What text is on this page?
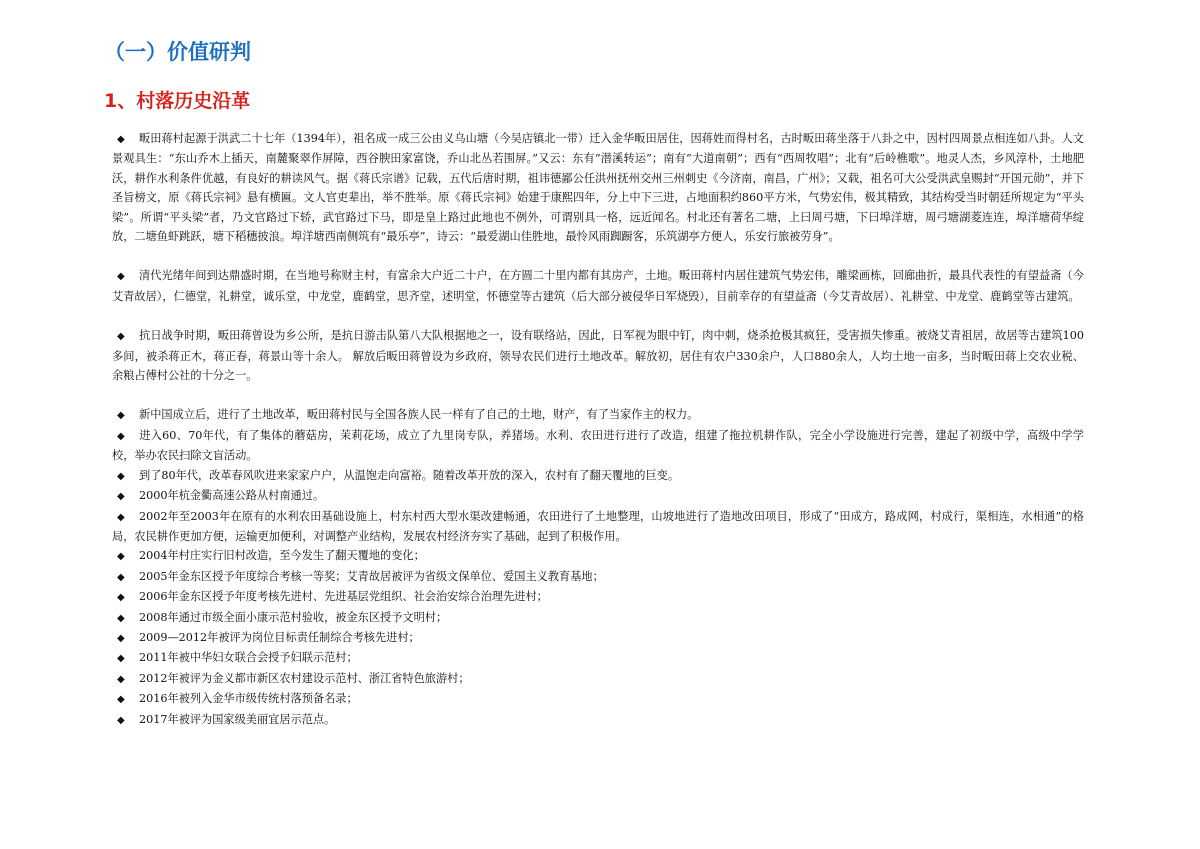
（一）价值研判
1、村落历史沿革

◆ 畈田蒋村起源于洪武二十七年（1394年），祖名成一成三公由义乌山塘（今吴店镇北一带）迁入金华畈田居住，因蒋姓而得村名，古时畈田蒋坐落于八卦之中，因村四周景点相连如八卦。人文景观具生：“东山乔木上插天，南麓聚翠作屏障，西谷腴田家富饶，乔山北丛若围屏。”又云：东有“潜溪转运”；南有“大道南朝”；西有“西周牧唱”；北有“后岭樵歌”。地灵人杰，乡风淳朴，土地肥沃，耕作水利条件优越，有良好的耕读风气。据《蒋氏宗谱》记载，五代后唐时期，祖讳德鄙公任洪州抚州交州三州刺史《今济南，南昌，广州》；又载，祖名可大公受洪武皇赐封“开国元勋”，并下圣旨榜文，原《蒋氏宗祠》悬有横匾。文人官吏辈出，举不胜举。原《蒋氏宗祠》始建于康熙四年，分上中下三进，占地面积约860平方米，气势宏伟，极其精致，其结构受当时朝廷所规定为“平头梁”。所谓“平头梁”者，乃文官路过下轿，武官路过下马，即是皇上路过此地也不例外，可谓别具一格，远近闻名。村北还有著名二塘，上曰周弓塘，下曰埠洋塘，周弓塘湖菱连连，埠洋塘荷华绽放，二塘鱼虾跳跃，塘下稻穗披浪。埠洋塘西南侧筑有“最乐亭”，诗云：“最爱湖山佳胜地，最怜风雨踟蹰客，乐筑湖亭方便人，乐安行旅被劳身”。

◆ 清代光绪年间到达鼎盛时期，在当地号称财主村，有富余大户近二十户，在方圆二十里内都有其房产，土地。畈田蒋村内居住建筑气势宏伟，雕梁画栋，回廊曲折，最具代表性的有望益斋（今艾青故居），仁德堂，礼耕堂，诚乐堂，中龙堂，鹿鹤堂，思齐堂，述明堂，怀德堂等古建筑（后大部分被侵华日军烧毁），目前幸存的有望益斋（今艾青故居）、礼耕堂、中龙堂、鹿鹤堂等古建筑。

◆ 抗日战争时期，畈田蒋曾设为乡公所，是抗日游击队第八大队根据地之一，设有联络站，因此，日军视为眼中钉，肉中刺，烧杀抢极其疯狂，受害损失惨重。被烧艾青祖居，故居等古建筑100多间，被杀蒋正木，蒋正春，蒋景山等十余人。 解放后畈田蒋曾设为乡政府，领导农民们进行土地改革。解放初，居住有农户330余户，人口880余人，人均土地一亩多，当时畈田蒋上交农业税、余粮占傅村公社的十分之一。

◆ 新中国成立后，进行了土地改革，畈田蒋村民与全国各族人民一样有了自己的土地，财产，有了当家作主的权力。
◆ 进入60、70年代，有了集体的蘑菇房，茉莉花场，成立了九里岗专队，养猪场。水利、农田进行进行了改造，组建了拖拉机耕作队，完全小学设施进行完善，建起了初级中学，高级中学学校，举办农民扫除文盲活动。
◆ 到了80年代，改革春风吹进来家家户户，从温饱走向富裕。随着改革开放的深入，农村有了翻天覆地的巨变。
◆ 2000年杭金衢高速公路从村南通过。
◆ 2002年至2003年在原有的水利农田基础设施上，村东村西大型水渠改建畅通，农田进行了土地整理，山坡地进行了造地改田项目，形成了“田成方，路成网，村成行，渠相连，水相通”的格局，农民耕作更加方便，运输更加便利，对调整产业结构，发展农村经济夯实了基础，起到了积极作用。
◆ 2004年村庄实行旧村改造，至今发生了翻天覆地的变化；
◆ 2005年金东区授予年度综合考核一等奖；艾青故居被评为省级文保单位、爱国主义教育基地；
◆ 2006年金东区授予年度考核先进村、先进基层党组织、社会治安综合治理先进村；
◆ 2008年通过市级全面小康示范村验收，被金东区授予文明村；
◆ 2009—2012年被评为岗位目标责任制综合考核先进村；
◆ 2011年被中华妇女联合会授予妇联示范村；
◆ 2012年被评为金义都市新区农村建设示范村、浙江省特色旅游村；
◆ 2016年被列入金华市级传统村落预备名录；
◆ 2017年被评为国家级美丽宜居示范点。
